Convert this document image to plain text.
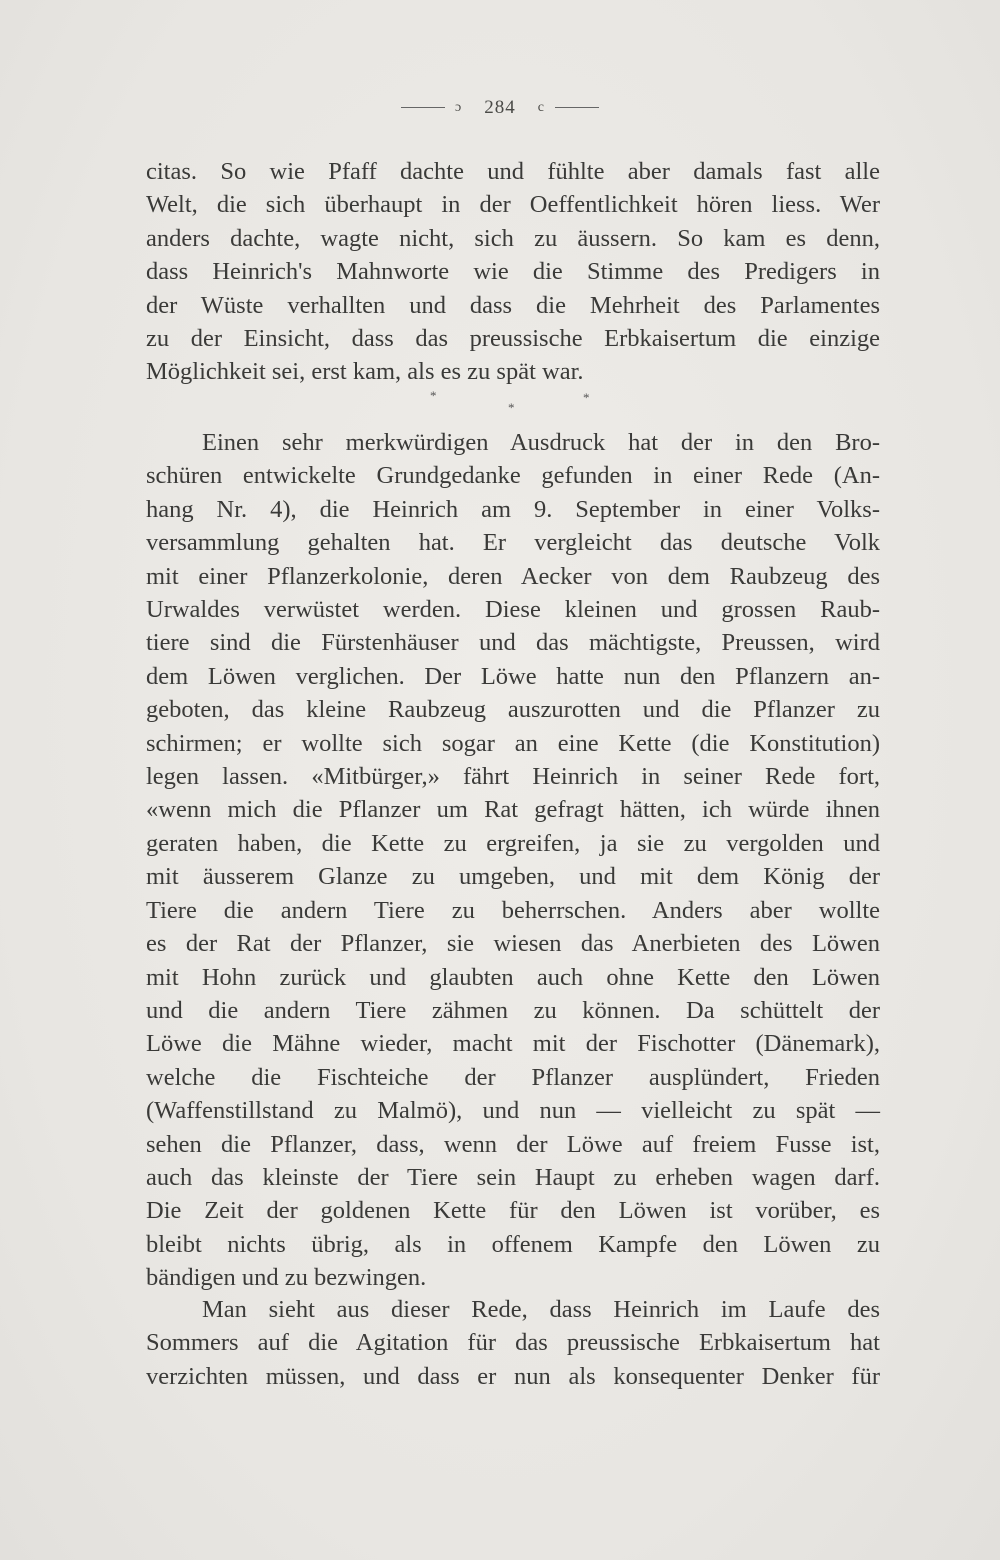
ɔ 284 c
citas. So wie Pfaff dachte und fühlte aber damals fast alle
Welt, die sich überhaupt in der Oeffentlichkeit hören liess. Wer
anders dachte, wagte nicht, sich zu äussern. So kam es denn,
dass Heinrich's Mahnworte wie die Stimme des Predigers in
der Wüste verhallten und dass die Mehrheit des Parlamentes
zu der Einsicht, dass das preussische Erbkaisertum die einzige
Möglichkeit sei, erst kam, als es zu spät war.
*
*
*
Einen sehr merkwürdigen Ausdruck hat der in den Bro-
schüren entwickelte Grundgedanke gefunden in einer Rede (An-
hang Nr. 4), die Heinrich am 9. September in einer Volks-
versammlung gehalten hat. Er vergleicht das deutsche Volk
mit einer Pflanzerkolonie, deren Aecker von dem Raubzeug des
Urwaldes verwüstet werden. Diese kleinen und grossen Raub-
tiere sind die Fürstenhäuser und das mächtigste, Preussen, wird
dem Löwen verglichen. Der Löwe hatte nun den Pflanzern an-
geboten, das kleine Raubzeug auszurotten und die Pflanzer zu
schirmen; er wollte sich sogar an eine Kette (die Konstitution)
legen lassen. «Mitbürger,» fährt Heinrich in seiner Rede fort,
«wenn mich die Pflanzer um Rat gefragt hätten, ich würde ihnen
geraten haben, die Kette zu ergreifen, ja sie zu vergolden und
mit äusserem Glanze zu umgeben, und mit dem König der
Tiere die andern Tiere zu beherrschen. Anders aber wollte
es der Rat der Pflanzer, sie wiesen das Anerbieten des Löwen
mit Hohn zurück und glaubten auch ohne Kette den Löwen
und die andern Tiere zähmen zu können. Da schüttelt der
Löwe die Mähne wieder, macht mit der Fischotter (Dänemark),
welche die Fischteiche der Pflanzer ausplündert, Frieden
(Waffenstillstand zu Malmö), und nun — vielleicht zu spät —
sehen die Pflanzer, dass, wenn der Löwe auf freiem Fusse ist,
auch das kleinste der Tiere sein Haupt zu erheben wagen darf.
Die Zeit der goldenen Kette für den Löwen ist vorüber, es
bleibt nichts übrig, als in offenem Kampfe den Löwen zu
bändigen und zu bezwingen.
Man sieht aus dieser Rede, dass Heinrich im Laufe des
Sommers auf die Agitation für das preussische Erbkaisertum hat
verzichten müssen, und dass er nun als konsequenter Denker für
